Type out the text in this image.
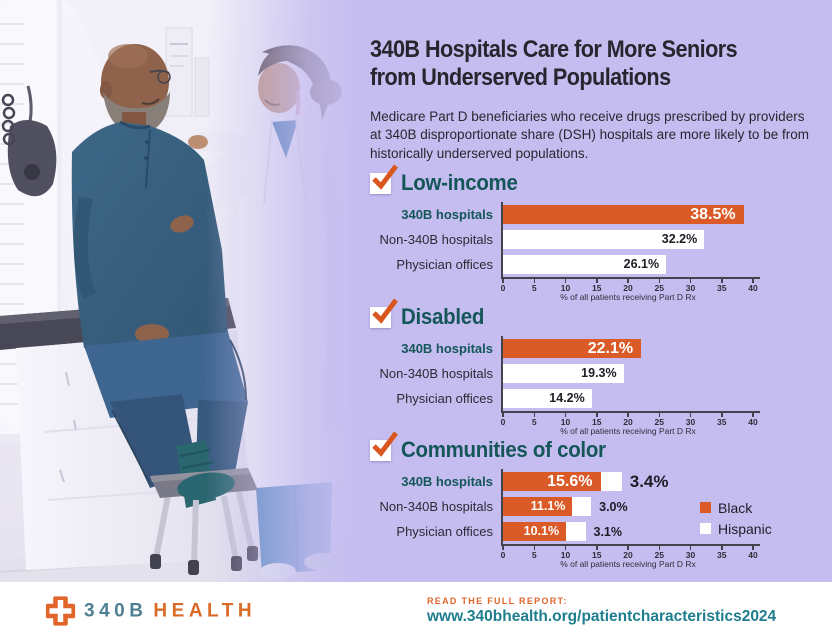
340B Hospitals Care for More Seniors
from Underserved Populations
Medicare Part D beneficiaries who receive drugs prescribed by providers at 340B disproportionate share (DSH) hospitals are more likely to be from historically underserved populations.
Low-income
340B hospitals	38.5%
Non-340B hospitals	32.2%
Physician offices	26.1%
0	5	10	15	20	25	30	35	40
% of all patients receiving Part D Rx
Disabled
340B hospitals	22.1%
Non-340B hospitals	19.3%
Physician offices	14.2%
0	5	10	15	20	25	30	35	40
% of all patients receiving Part D Rx
Communities of color
340B hospitals	15.6%	3.4%
Non-340B hospitals	11.1%	3.0%
Physician offices	10.1%	3.1%
0	5	10	15	20	25	30	35	40
% of all patients receiving Part D Rx
Black
Hispanic
340B HEALTH	READ THE FULL REPORT:
www.340bhealth.org/patientcharacteristics2024
